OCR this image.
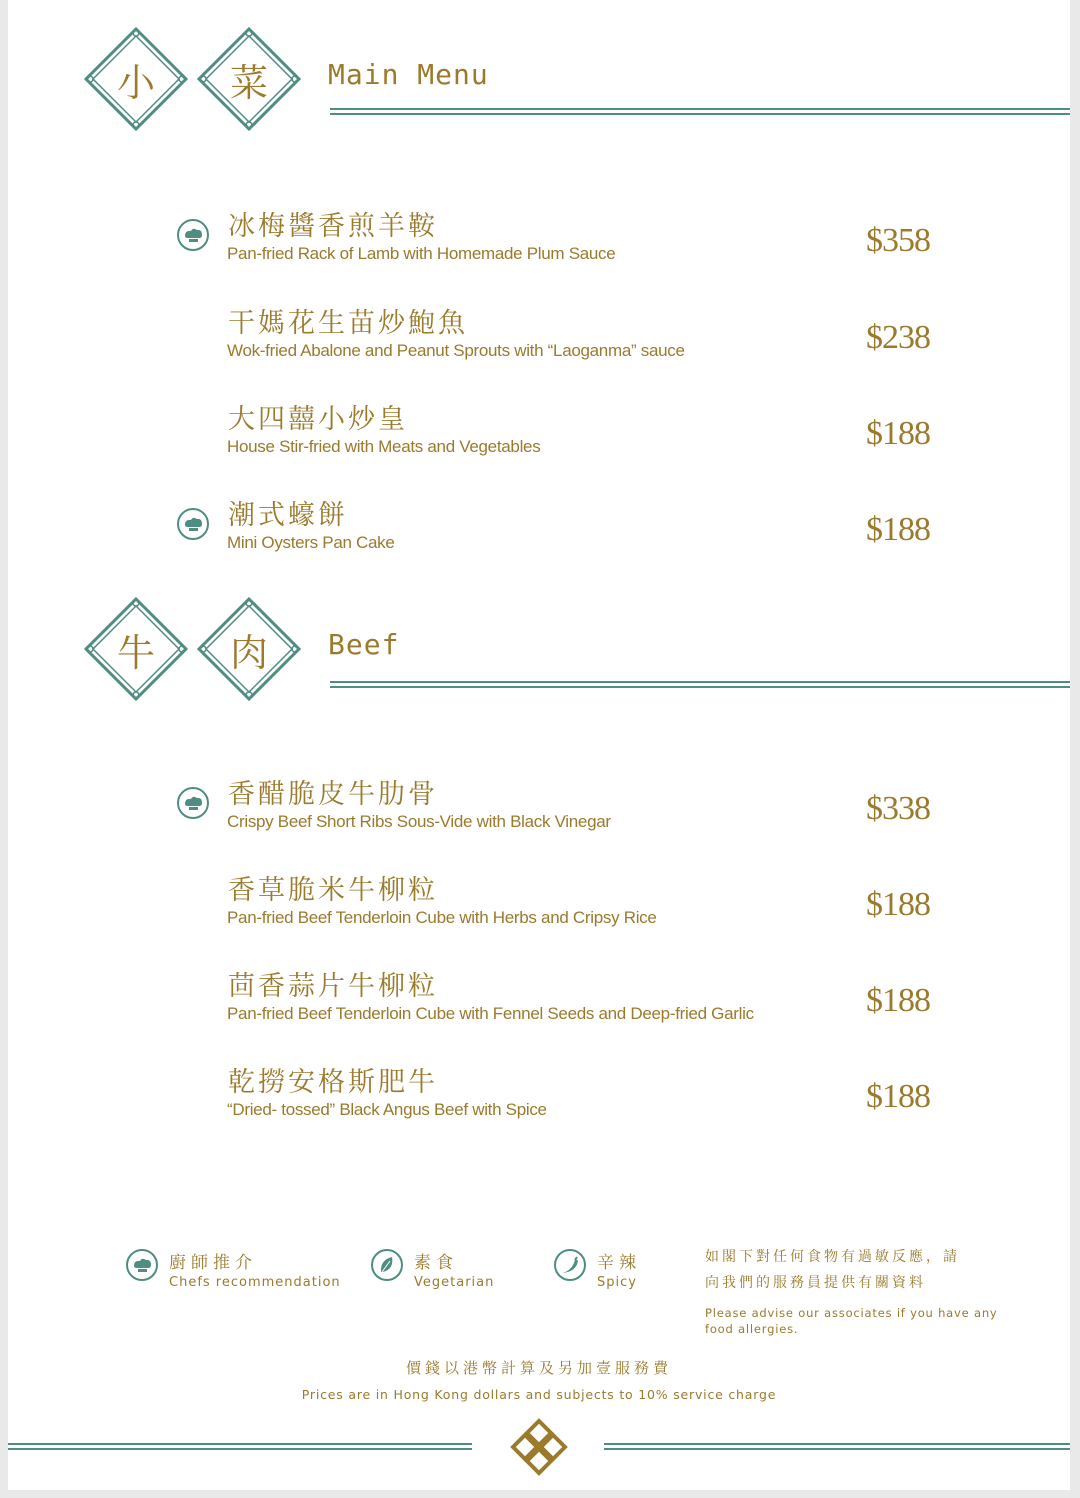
小	菜	Main Menu
冰梅醬香煎羊鞍
Pan-fried Rack of Lamb with Homemade Plum Sauce	$358
干媽花生苗炒鮑魚
Wok-fried Abalone and Peanut Sprouts with “Laoganma” sauce	$238
大四囍小炒皇
House Stir-fried with Meats and Vegetables	$188
潮式蠔餅
Mini Oysters Pan Cake	$188
牛	肉	Beef
香醋脆皮牛肋骨
Crispy Beef Short Ribs Sous-Vide with Black Vinegar	$338
香草脆米牛柳粒
Pan-fried Beef Tenderloin Cube with Herbs and Cripsy Rice	$188
茴香蒜片牛柳粒
Pan-fried Beef Tenderloin Cube with Fennel Seeds and Deep-fried Garlic	$188
乾撈安格斯肥牛
“Dried- tossed” Black Angus Beef with Spice	$188
廚師推介
Chefs recommendation
素食
Vegetarian
辛辣
Spicy
如閣下對任何食物有過敏反應，請
向我們的服務員提供有關資料
Please advise our associates if you have any
food allergies.
價錢以港幣計算及另加壹服務費
Prices are in Hong Kong dollars and subjects to 10% service charge
